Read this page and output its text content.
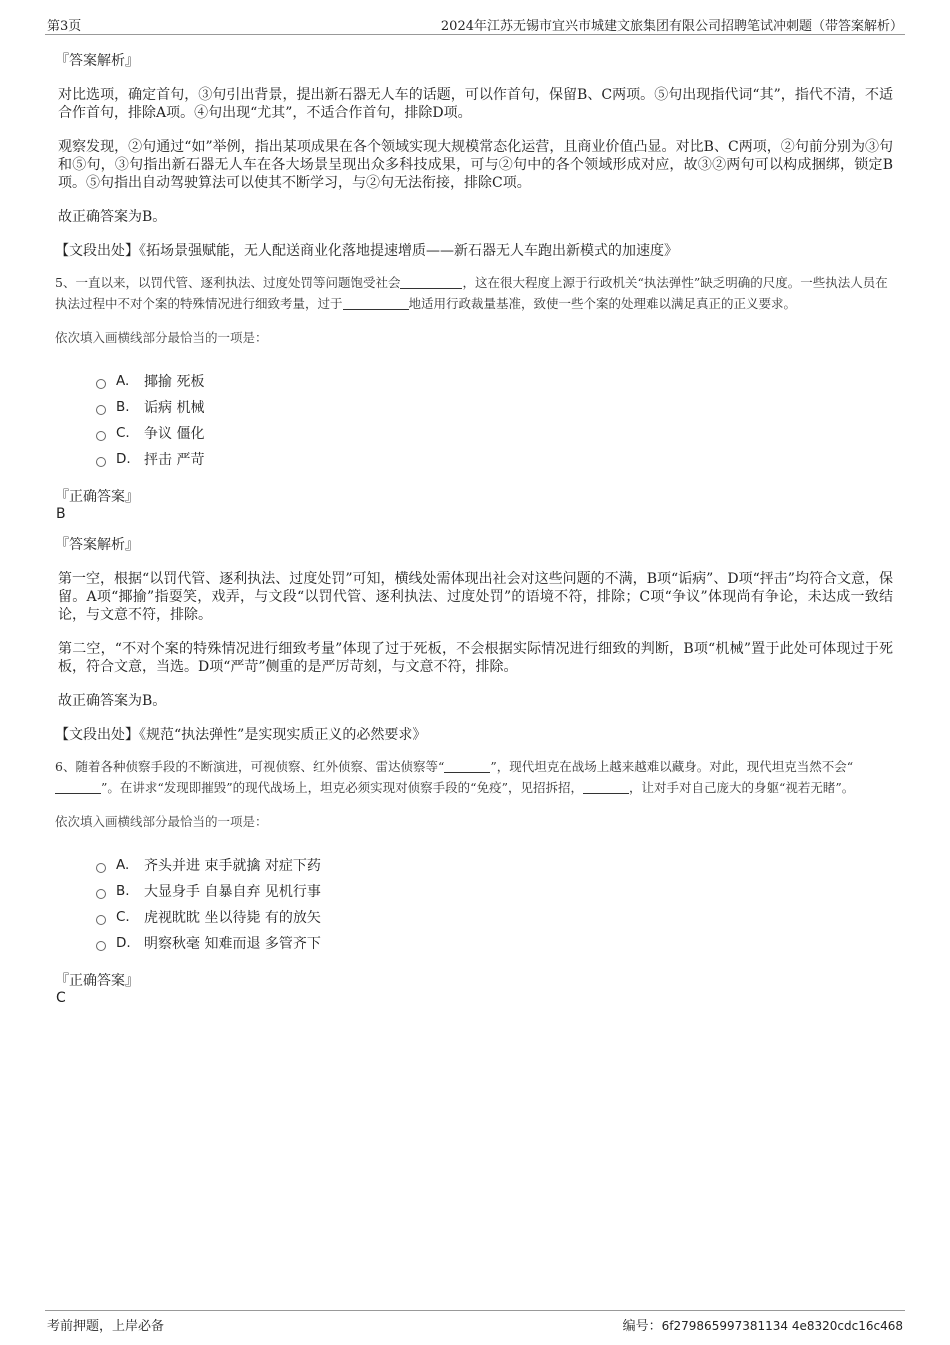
第3页	2024年江苏无锡市宜兴市城建文旅集团有限公司招聘笔试冲刺题（带答案解析）
『答案解析』

对比选项，确定首句，③句引出背景，提出新石器无人车的话题，可以作首句，保留B、C两项。⑤句出现指代词“其”，指代不清，不适合作首句，排除A项。④句出现“尤其”，不适合作首句，排除D项。

观察发现，②句通过“如”举例，指出某项成果在各个领域实现大规模常态化运营，且商业价值凸显。对比B、C两项，②句前分别为③句和⑤句，③句指出新石器无人车在各大场景呈现出众多科技成果，可与②句中的各个领域形成对应，故③②两句可以构成捆绑，锁定B项。⑤句指出自动驾驶算法可以使其不断学习，与②句无法衔接，排除C项。

故正确答案为B。

【文段出处】《拓场景强赋能，无人配送商业化落地提速增质——新石器无人车跑出新模式的加速度》

5、一直以来，以罚代管、逐利执法、过度处罚等问题饱受社会	，这在很大程度上源于行政机关“执法弹性”缺乏明确的尺度。一些执法人员在执法过程中不对个案的特殊情况进行细致考量，过于	地适用行政裁量基准，致使一些个案的处理难以满足真正的正义要求。

依次填入画横线部分最恰当的一项是：

A.	揶揄 死板
B.	诟病 机械
C.	争议 僵化
D. 抨击 严苛
『正确答案』
B
『答案解析』

第一空，根据“以罚代管、逐利执法、过度处罚”可知，横线处需体现出社会对这些问题的不满，B项“诟病”、D项“抨击”均符合文意，保留。A项“揶揄”指耍笑，戏弄，与文段“以罚代管、逐利执法、过度处罚”的语境不符，排除；C项“争议”体现尚有争论，未达成一致结论，与文意不符，排除。

第二空，“不对个案的特殊情况进行细致考量”体现了过于死板，不会根据实际情况进行细致的判断，B项“机械”置于此处可体现过于死板，符合文意，当选。D项“严苛”侧重的是严厉苛刻，与文意不符，排除。

故正确答案为B。

【文段出处】《规范“执法弹性”是实现实质正义的必然要求》

6、随着各种侦察手段的不断演进，可视侦察、红外侦察、雷达侦察等“	”，现代坦克在战场上越来越难以藏身。对此，现代坦克当然不会“”。在讲求“发现即摧毁”的现代战场上，坦克必须实现对侦察手段的“免疫”，见招拆招，	，让对手对自己庞大的身躯“视若无睹”。

依次填入画横线部分最恰当的一项是：

A.	齐头并进 束手就擒 对症下药
B.	大显身手 自暴自弃 见机行事
C.	虎视眈眈 坐以待毙 有的放矢
D. 明察秋毫 知难而退 多管齐下
『正确答案』
C
考前押题，上岸必备	编号：6f279865997381134 4e8320cdc16c468
